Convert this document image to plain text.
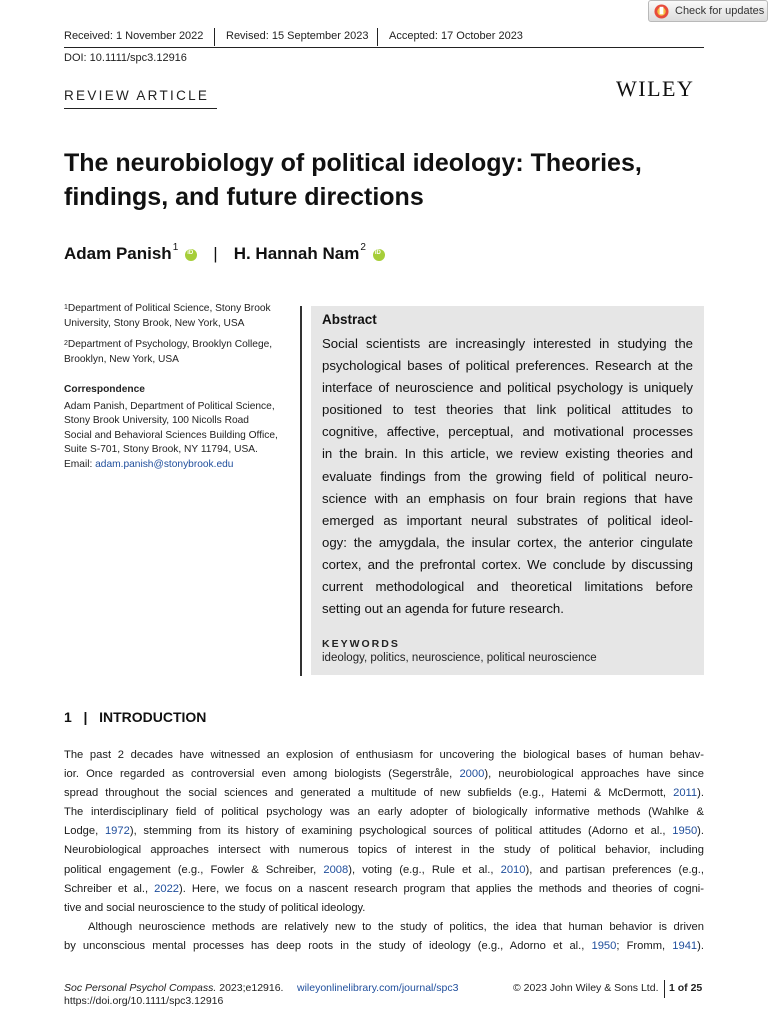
Check for updates
Received: 1 November 2022 Revised: 15 September 2023 Accepted: 17 October 2023
DOI: 10.1111/spc3.12916
REVIEW ARTICLE	WILEY
The neurobiology of political ideology: Theories,
findings, and future directions
Adam Panish$^1$
iD | H. Hannah Nam$^2$
iD

$^1$Department of Political Science, Stony Brook University, Stony Brook, New York, USA

$^2$Department of Psychology, Brooklyn College, Brooklyn, New York, USA

Correspondence

Adam Panish, Department of Political Science,
Stony Brook University, 100 Nicolls Road
Social and Behavioral Sciences Building Office,
Suite S-701, Stony Brook, NY 11794, USA.
Email: adam.panish@stonybrook.edu
Abstract
Social scientists are increasingly interested in studying the
psychological bases of political preferences. Research at the
interface of neuroscience and political psychology is uniquely
positioned to test theories that link political attitudes to
cognitive, affective, perceptual, and motivational processes
in the brain. In this article, we review existing theories and
evaluate findings from the growing field of political neuro-
science with an emphasis on four brain regions that have
emerged as important neural substrates of political ideol-
ogy: the amygdala, the insular cortex, the anterior cingulate
cortex, and the prefrontal cortex. We conclude by discussing
current methodological and theoretical limitations before
setting out an agenda for future research.
KEYWORDS
ideology, politics, neuroscience, political neuroscience
1 | INTRODUCTION
The past 2 decades have witnessed an explosion of enthusiasm for uncovering the biological bases of human behav-
ior. Once regarded as controversial even among biologists (Segerstråle, 2000), neurobiological approaches have since
spread throughout the social sciences and generated a multitude of new subfields (e.g., Hatemi & McDermott, 2011).
The interdisciplinary field of political psychology was an early adopter of biologically informative methods (Wahlke &
Lodge, 1972), stemming from its history of examining psychological sources of political attitudes (Adorno et al., 1950).
Neurobiological approaches intersect with numerous topics of interest in the study of political behavior, including
political engagement (e.g., Fowler & Schreiber, 2008), voting (e.g., Rule et al., 2010), and partisan preferences (e.g.,
Schreiber et al., 2022). Here, we focus on a nascent research program that applies the methods and theories of cogni-
tive and social neuroscience to the study of political ideology.
Although neuroscience methods are relatively new to the study of politics, the idea that human behavior is driven
by unconscious mental processes has deep roots in the study of ideology (e.g., Adorno et al., 1950; Fromm, 1941).
Soc Personal Psychol Compass. 2023;e12916.
https://doi.org/10.1111/spc3.12916
wileyonlinelibrary.com/journal/spc3	© 2023 John Wiley & Sons Ltd. 1 of 25
